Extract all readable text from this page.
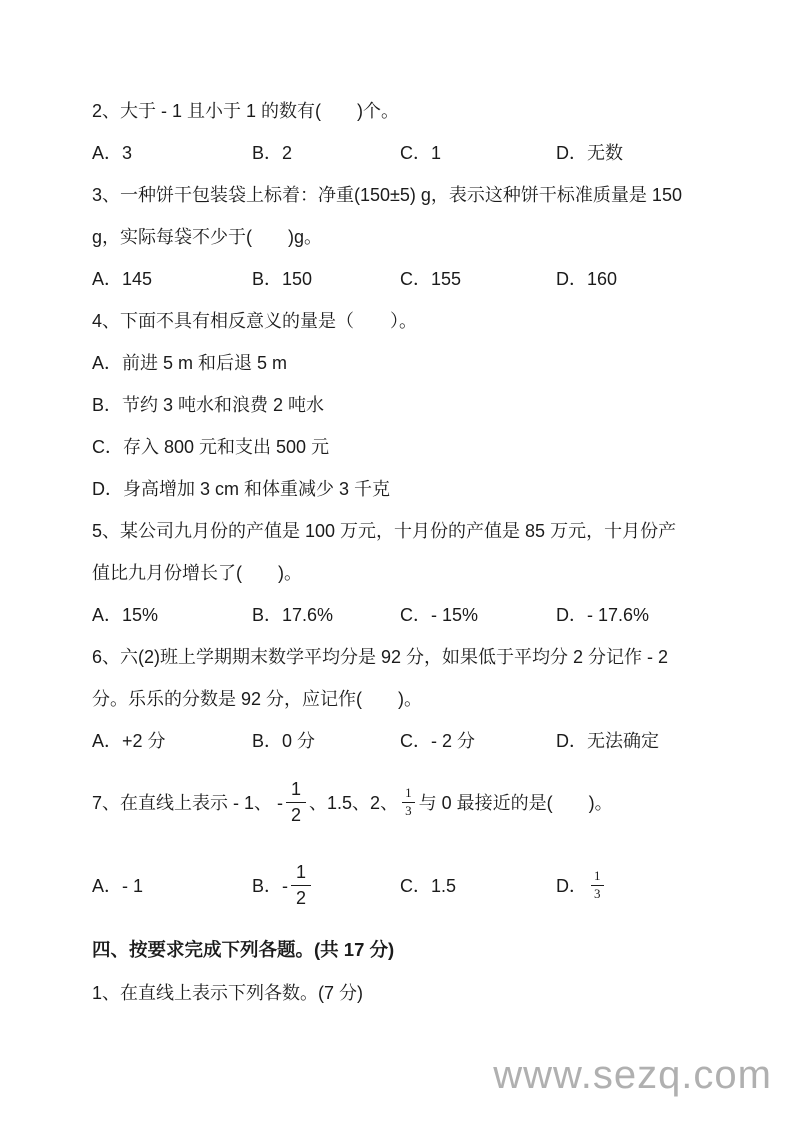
2、大于 - 1 且小于 1 的数有(　　)个。
A．3	B．2	C．1	D．无数
3、一种饼干包装袋上标着：净重(150±5) g，表示这种饼干标准质量是 150
g，实际每袋不少于(　　)g。
A．145	B．150	C．155	D．160
4、下面不具有相反意义的量是（　　）。
A．前进 5 m 和后退 5 m
B．节约 3 吨水和浪费 2 吨水
C．存入 800 元和支出 500 元
D．身高增加 3 cm 和体重减少 3 千克
5、某公司九月份的产值是 100 万元，十月份的产值是 85 万元，十月份产
值比九月份增长了(　　)。
A．15%	B．17.6%	C．- 15%	D．- 17.6%
6、六(2)班上学期期末数学平均分是 92 分，如果低于平均分 2 分记作 - 2
分。乐乐的分数是 92 分，应记作(　　)。
A．+2 分	B．0 分	C．- 2 分	D．无法确定
7、在直线上表示 - 1、 - $\frac{1}{2}$ 、1.5、2、 $\frac{1}{3}$ 与 0 最接近的是(　　)。
A．- 1	B．- $\frac{1}{2}$	C．1.5	D． $\frac{1}{3}$
四、按要求完成下列各题。(共 17 分)
1、在直线上表示下列各数。(7 分)
www.sezq.com
